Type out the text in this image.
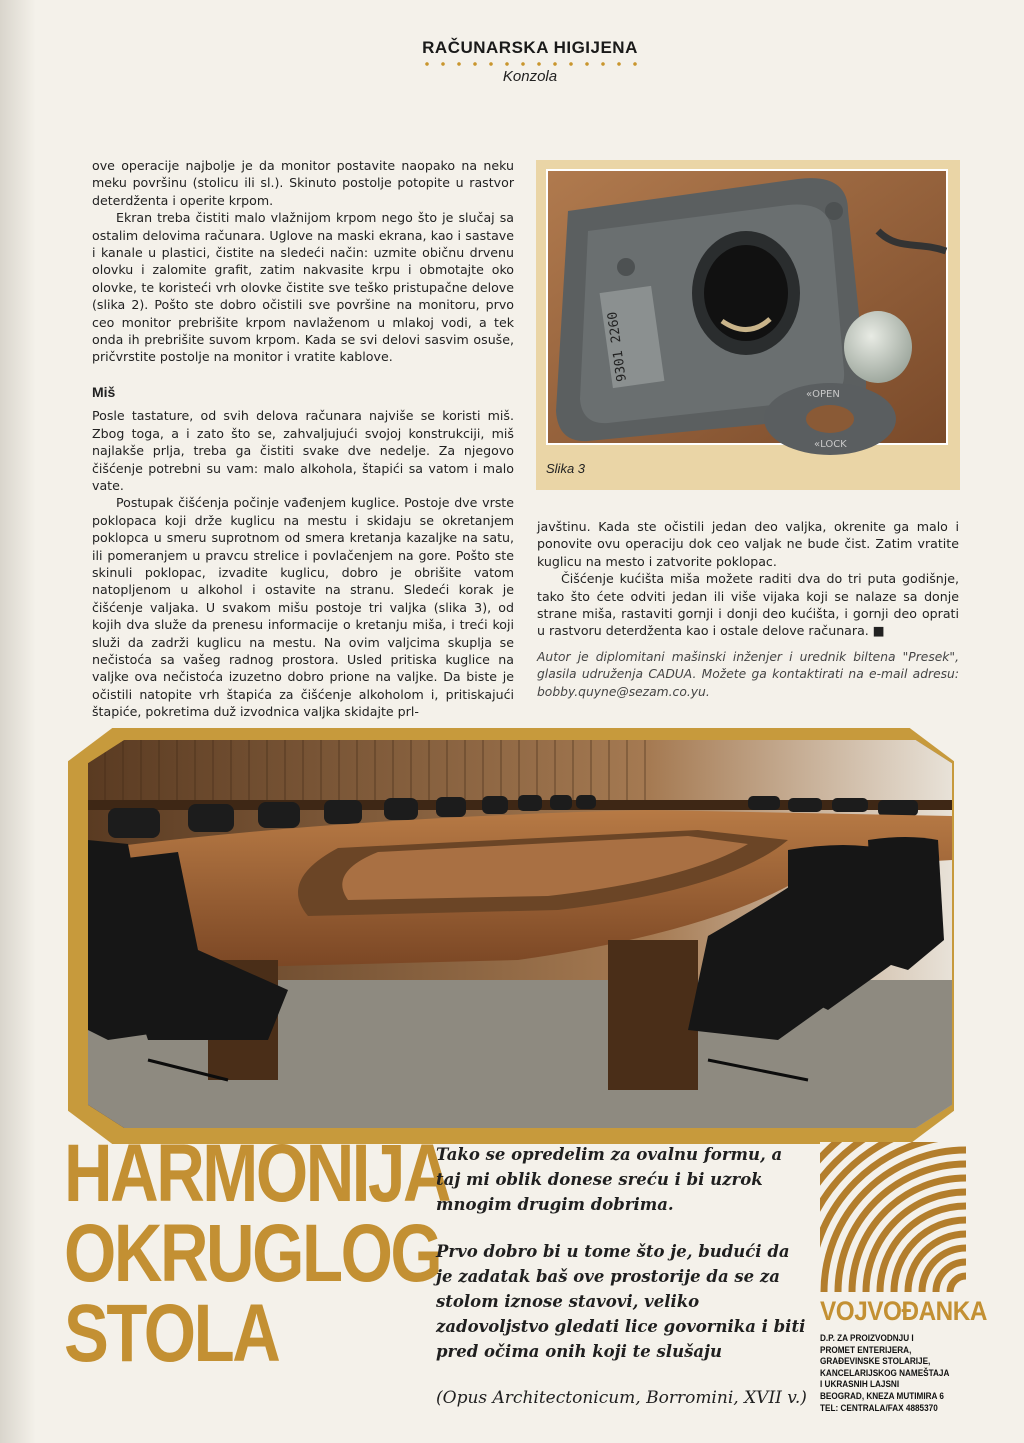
RAČUNARSKA HIGIJENA
Konzola

ove operacije najbolje je da monitor postavite naopako na neku meku površinu (stolicu ili sl.). Skinuto postolje potopite u rastvor deterdženta i operite krpom.

Ekran treba čistiti malo vlažnijom krpom nego što je slučaj sa ostalim delovima računara. Uglove na maski ekrana, kao i sastave i kanale u plastici, čistite na sledeći način: uzmite običnu drvenu olovku i zalomite grafit, zatim nakvasite krpu i obmotajte oko olovke, te koristeći vrh olovke čistite sve teško pristupačne delove (slika 2). Pošto ste dobro očistili sve površine na monitoru, prvo ceo monitor prebrišite krpom navlaženom u mlakoj vodi, a tek onda ih prebrišite suvom krpom. Kada se svi delovi sasvim osuše, pričvrstite postolje na monitor i vratite kablove.

Miš

Posle tastature, od svih delova računara najviše se koristi miš. Zbog toga, a i zato što se, zahvaljujući svojoj konstrukciji, miš najlakše prlja, treba ga čistiti svake dve nedelje. Za njegovo čišćenje potrebni su vam: malo alkohola, štapići sa vatom i malo vate.

Postupak čišćenja počinje vađenjem kuglice. Postoje dve vrste poklopaca koji drže kuglicu na mestu i skidaju se okretanjem poklopca u smeru suprotnom od smera kretanja kazaljke na satu, ili pomeranjem u pravcu strelice i povlačenjem na gore. Pošto ste skinuli poklopac, izvadite kuglicu, dobro je obrišite vatom natopljenom u alkohol i ostavite na stranu. Sledeći korak je čišćenje valjaka. U svakom mišu postoje tri valjka (slika 3), od kojih dva služe da prenesu informacije o kretanju miša, i treći koji služi da zadrži kuglicu na mestu. Na ovim valjcima skuplja se nečistoća sa vašeg radnog prostora. Usled pritiska kuglice na valjke ova nečistoća izuzetno dobro prione na valjke. Da biste je očistili natopite vrh štapića za čišćenje alkoholom i, pritiskajući štapiće, pokretima duž izvodnica valjka skidajte prl-

9301 2260
«OPEN
«LOCK
Slika 3

javštinu. Kada ste očistili jedan deo valjka, okrenite ga malo i ponovite ovu operaciju dok ceo valjak ne bude čist. Zatim vratite kuglicu na mesto i zatvorite poklopac.

Čišćenje kućišta miša možete raditi dva do tri puta godišnje, tako što ćete odviti jedan ili više vijaka koji se nalaze sa donje strane miša, rastaviti gornji i donji deo kućišta, i gornji deo oprati u rastvoru deterdženta kao i ostale delove računara. ■

Autor je diplomitani mašinski inženjer i urednik biltena "Presek", glasila udruženja CADUA. Možete ga kontaktirati na e-mail adresu: bobby.quyne@sezam.co.yu.

HARMONIJA
OKRUGLOG
STOLA

Tako se opredelim za ovalnu formu, a taj mi oblik donese sreću i bi uzrok mnogim drugim dobrima.

Prvo dobro bi u tome što je, budući da je zadatak baš ove prostorije da se za stolom iznose stavovi, veliko zadovoljstvo gledati lice govornika i biti pred očima onih koji te slušaju

(Opus Architectonicum, Borromini, XVII v.)

VOJVOĐANKA
D.P. ZA PROIZVODNJU I
PROMET ENTERIJERA,
GRAĐEVINSKE STOLARIJE,
KANCELARIJSKOG NAMEŠTAJA
I UKRASNIH LAJSNI
BEOGRAD, KNEZA MUTIMIRA 6
TEL: CENTRALA/FAX 4885370
